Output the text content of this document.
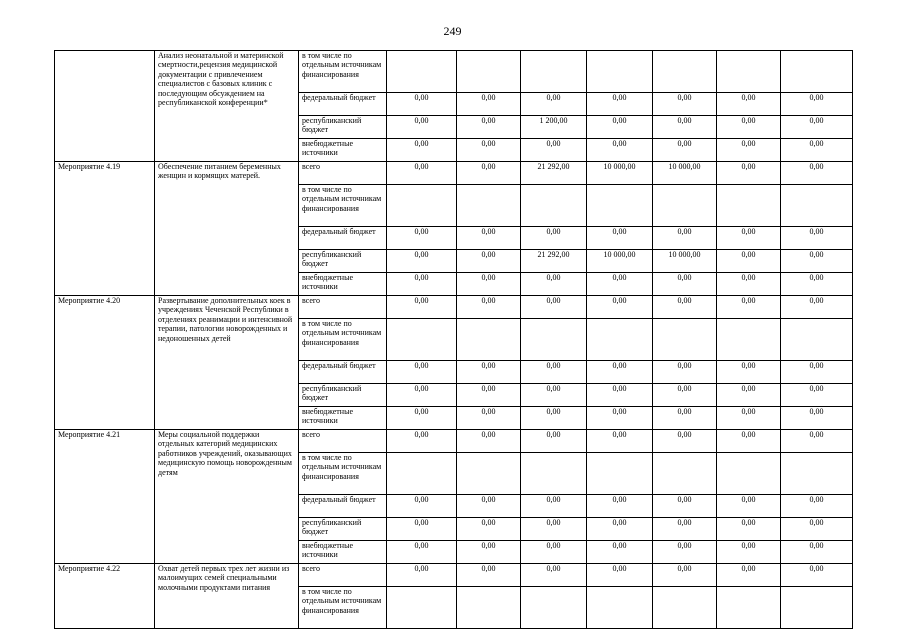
249
	Анализ неонатальной и материнской смертности,рецензия медицинской документации с привлечением специалистов с базовых клиник с последующим обсуждением на республиканской конференции*	в том числе по отдельным источникам финансирования							
		федеральный бюджет	0,00	0,00	0,00	0,00	0,00	0,00	0,00
		республиканский бюджет	0,00	0,00	1 200,00	0,00	0,00	0,00	0,00
		внебюджетные источники	0,00	0,00	0,00	0,00	0,00	0,00	0,00
Мероприятие 4.19	Обеспечение питанием беременных женщин и кормящих матерей.	всего	0,00	0,00	21 292,00	10 000,00	10 000,00	0,00	0,00
		в том числе по отдельным источникам финансирования							
		федеральный бюджет	0,00	0,00	0,00	0,00	0,00	0,00	0,00
		республиканский бюджет	0,00	0,00	21 292,00	10 000,00	10 000,00	0,00	0,00
		внебюджетные источники	0,00	0,00	0,00	0,00	0,00	0,00	0,00
Мероприятие 4.20	Развертывание дополнительных коек в учреждениях Чеченской Республики в отделениях реанимации и интенсивной терапии, патологии новорожденных и недоношенных детей	всего	0,00	0,00	0,00	0,00	0,00	0,00	0,00
		в том числе по отдельным источникам финансирования							
		федеральный бюджет	0,00	0,00	0,00	0,00	0,00	0,00	0,00
		республиканский бюджет	0,00	0,00	0,00	0,00	0,00	0,00	0,00
		внебюджетные источники	0,00	0,00	0,00	0,00	0,00	0,00	0,00
Мероприятие 4.21	Меры социальной поддержки отдельных категорий медицинских работников учреждений, оказывающих медицинскую помощь новорожденным детям	всего	0,00	0,00	0,00	0,00	0,00	0,00	0,00
		в том числе по отдельным источникам финансирования							
		федеральный бюджет	0,00	0,00	0,00	0,00	0,00	0,00	0,00
		республиканский бюджет	0,00	0,00	0,00	0,00	0,00	0,00	0,00
		внебюджетные источники	0,00	0,00	0,00	0,00	0,00	0,00	0,00
Мероприятие 4.22	Охват детей первых трех лет жизни из малоимущих семей специальными молочными продуктами питания	всего	0,00	0,00	0,00	0,00	0,00	0,00	0,00
		в том числе по отдельным источникам финансирования							
